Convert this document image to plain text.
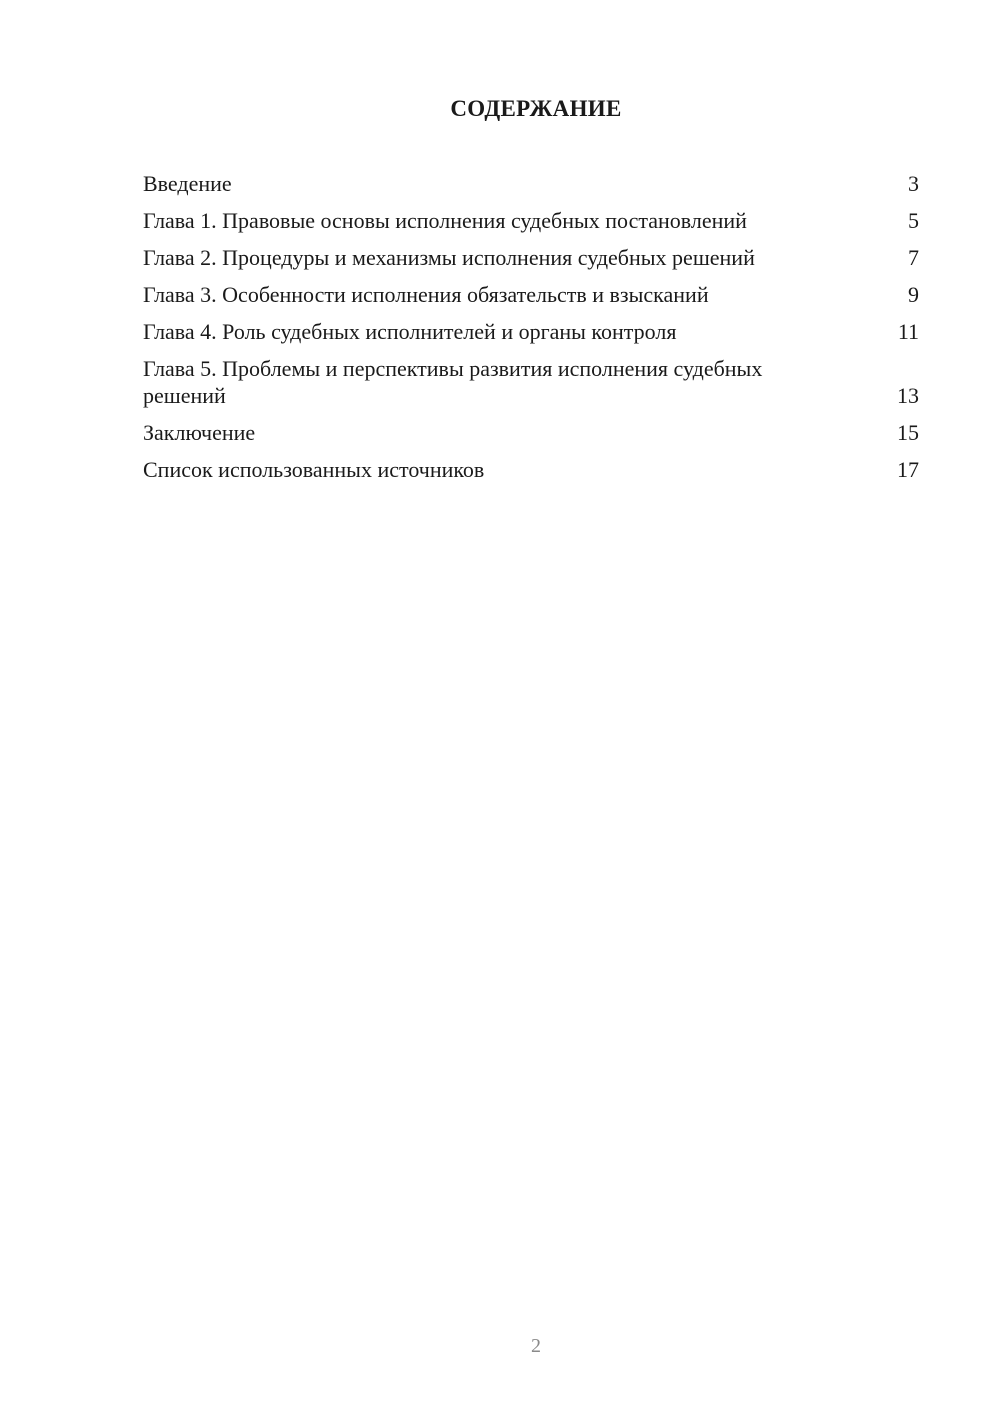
СОДЕРЖАНИЕ
Введение	3
Глава 1. Правовые основы исполнения судебных постановлений	5
Глава 2. Процедуры и механизмы исполнения судебных решений	7
Глава 3. Особенности исполнения обязательств и взысканий	9
Глава 4. Роль судебных исполнителей и органы контроля	11
Глава 5. Проблемы и перспективы развития исполнения судебных решений	13
Заключение	15
Список использованных источников	17
2
